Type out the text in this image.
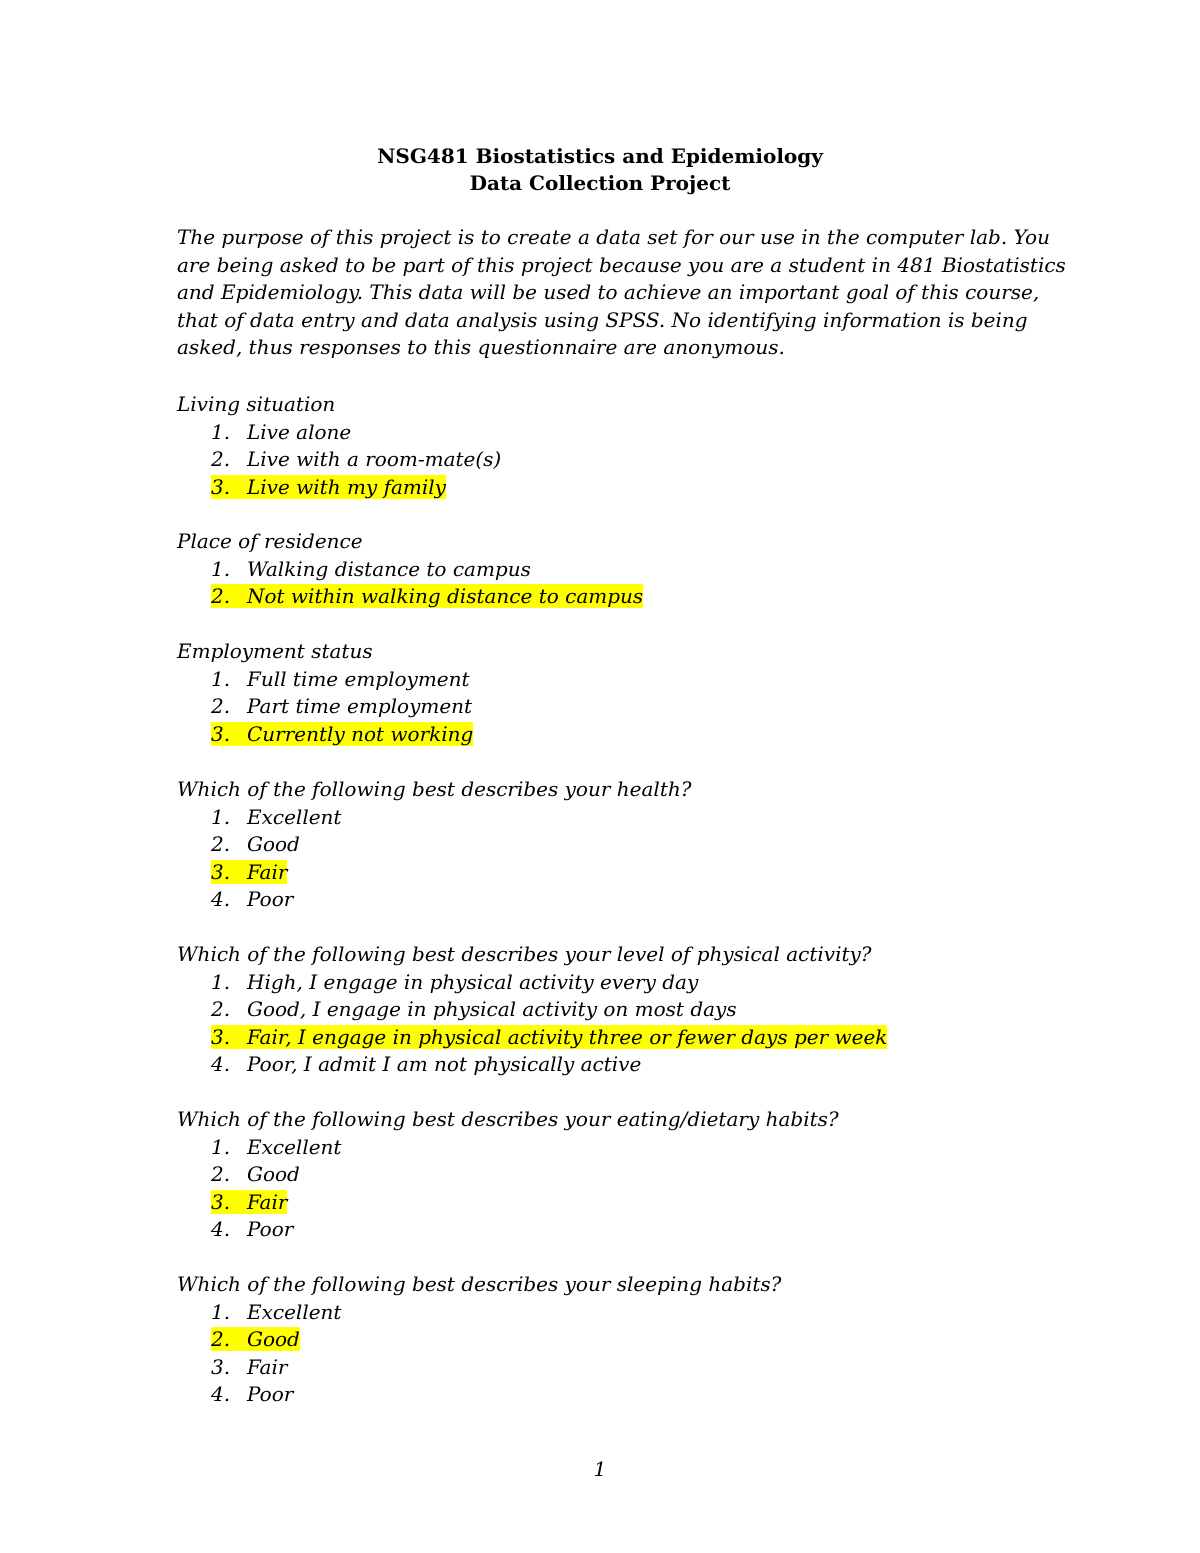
NSG481 Biostatistics and Epidemiology
Data Collection Project
The purpose of this project is to create a data set for our use in the computer lab. You
are being asked to be part of this project because you are a student in 481 Biostatistics
and Epidemiology. This data will be used to achieve an important goal of this course,
that of data entry and data analysis using SPSS. No identifying information is being
asked, thus responses to this questionnaire are anonymous.
Living situation
1. Live alone
2. Live with a room-mate(s)
3. Live with my family
Place of residence
1. Walking distance to campus
2. Not within walking distance to campus
Employment status
1. Full time employment
2. Part time employment
3. Currently not working
Which of the following best describes your health?
1. Excellent
2. Good
3. Fair
4. Poor
Which of the following best describes your level of physical activity?
1. High, I engage in physical activity every day
2. Good, I engage in physical activity on most days
3. Fair, I engage in physical activity three or fewer days per week
4. Poor, I admit I am not physically active
Which of the following best describes your eating/dietary habits?
1. Excellent
2. Good
3. Fair
4. Poor
Which of the following best describes your sleeping habits?
1. Excellent
2. Good
3. Fair
4. Poor
1
